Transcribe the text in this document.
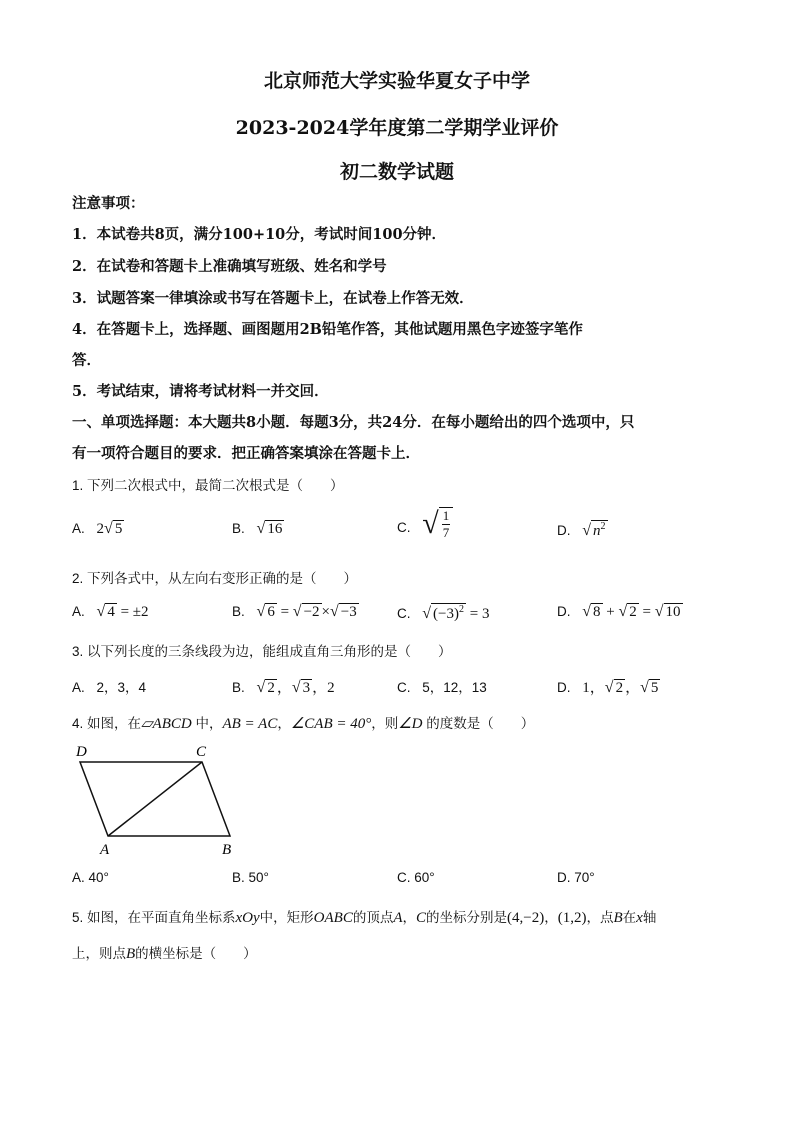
北京师范大学实验华夏女子中学
2023-2024学年度第二学期学业评价
初二数学试题
注意事项：
1．本试卷共8页，满分100+10分，考试时间100分钟．
2．在试卷和答题卡上准确填写班级、姓名和学号
3．试题答案一律填涂或书写在答题卡上，在试卷上作答无效．
4．在答题卡上，选择题、画图题用2B铅笔作答，其他试题用黑色字迹签字笔作
答．
5．考试结束，请将考试材料一并交回．
一、单项选择题：本大题共8小题．每题3分，共24分．在每小题给出的四个选项中，只
有一项符合题目的要求．把正确答案填涂在答题卡上．
1. 下列二次根式中，最简二次根式是（　　）
A. 2√ 5	B. √ 16	C. √ 1
7	D. √ $n^2$
2. 下列各式中，从左向右变形正确的是（　　）
A. √ 4 = ±2	B. √ 6 = √ −2 ×√ −3	C. √ $(-3)^2 = 3$	D. √ 8 + √ 2 = √ 10
3. 以下列长度的三条线段为边，能组成直角三角形的是（　　）
A. 2，3，4	B. √ 2 ，√ 3 ，2	C. 5，12，13	D. 1，√ 2 ，√ 5
4. 如图，在▱ABCD 中，AB = AC，∠CAB = 40°，则∠D 的度数是（　　）
D	C
A	B
A. 40°	B. 50°	C. 60°	D. 70°
5. 如图，在平面直角坐标系xOy中，矩形OABC的顶点A，C的坐标分别是(4,−2)，(1,2)，点B在x轴
上，则点B的横坐标是（　　）
